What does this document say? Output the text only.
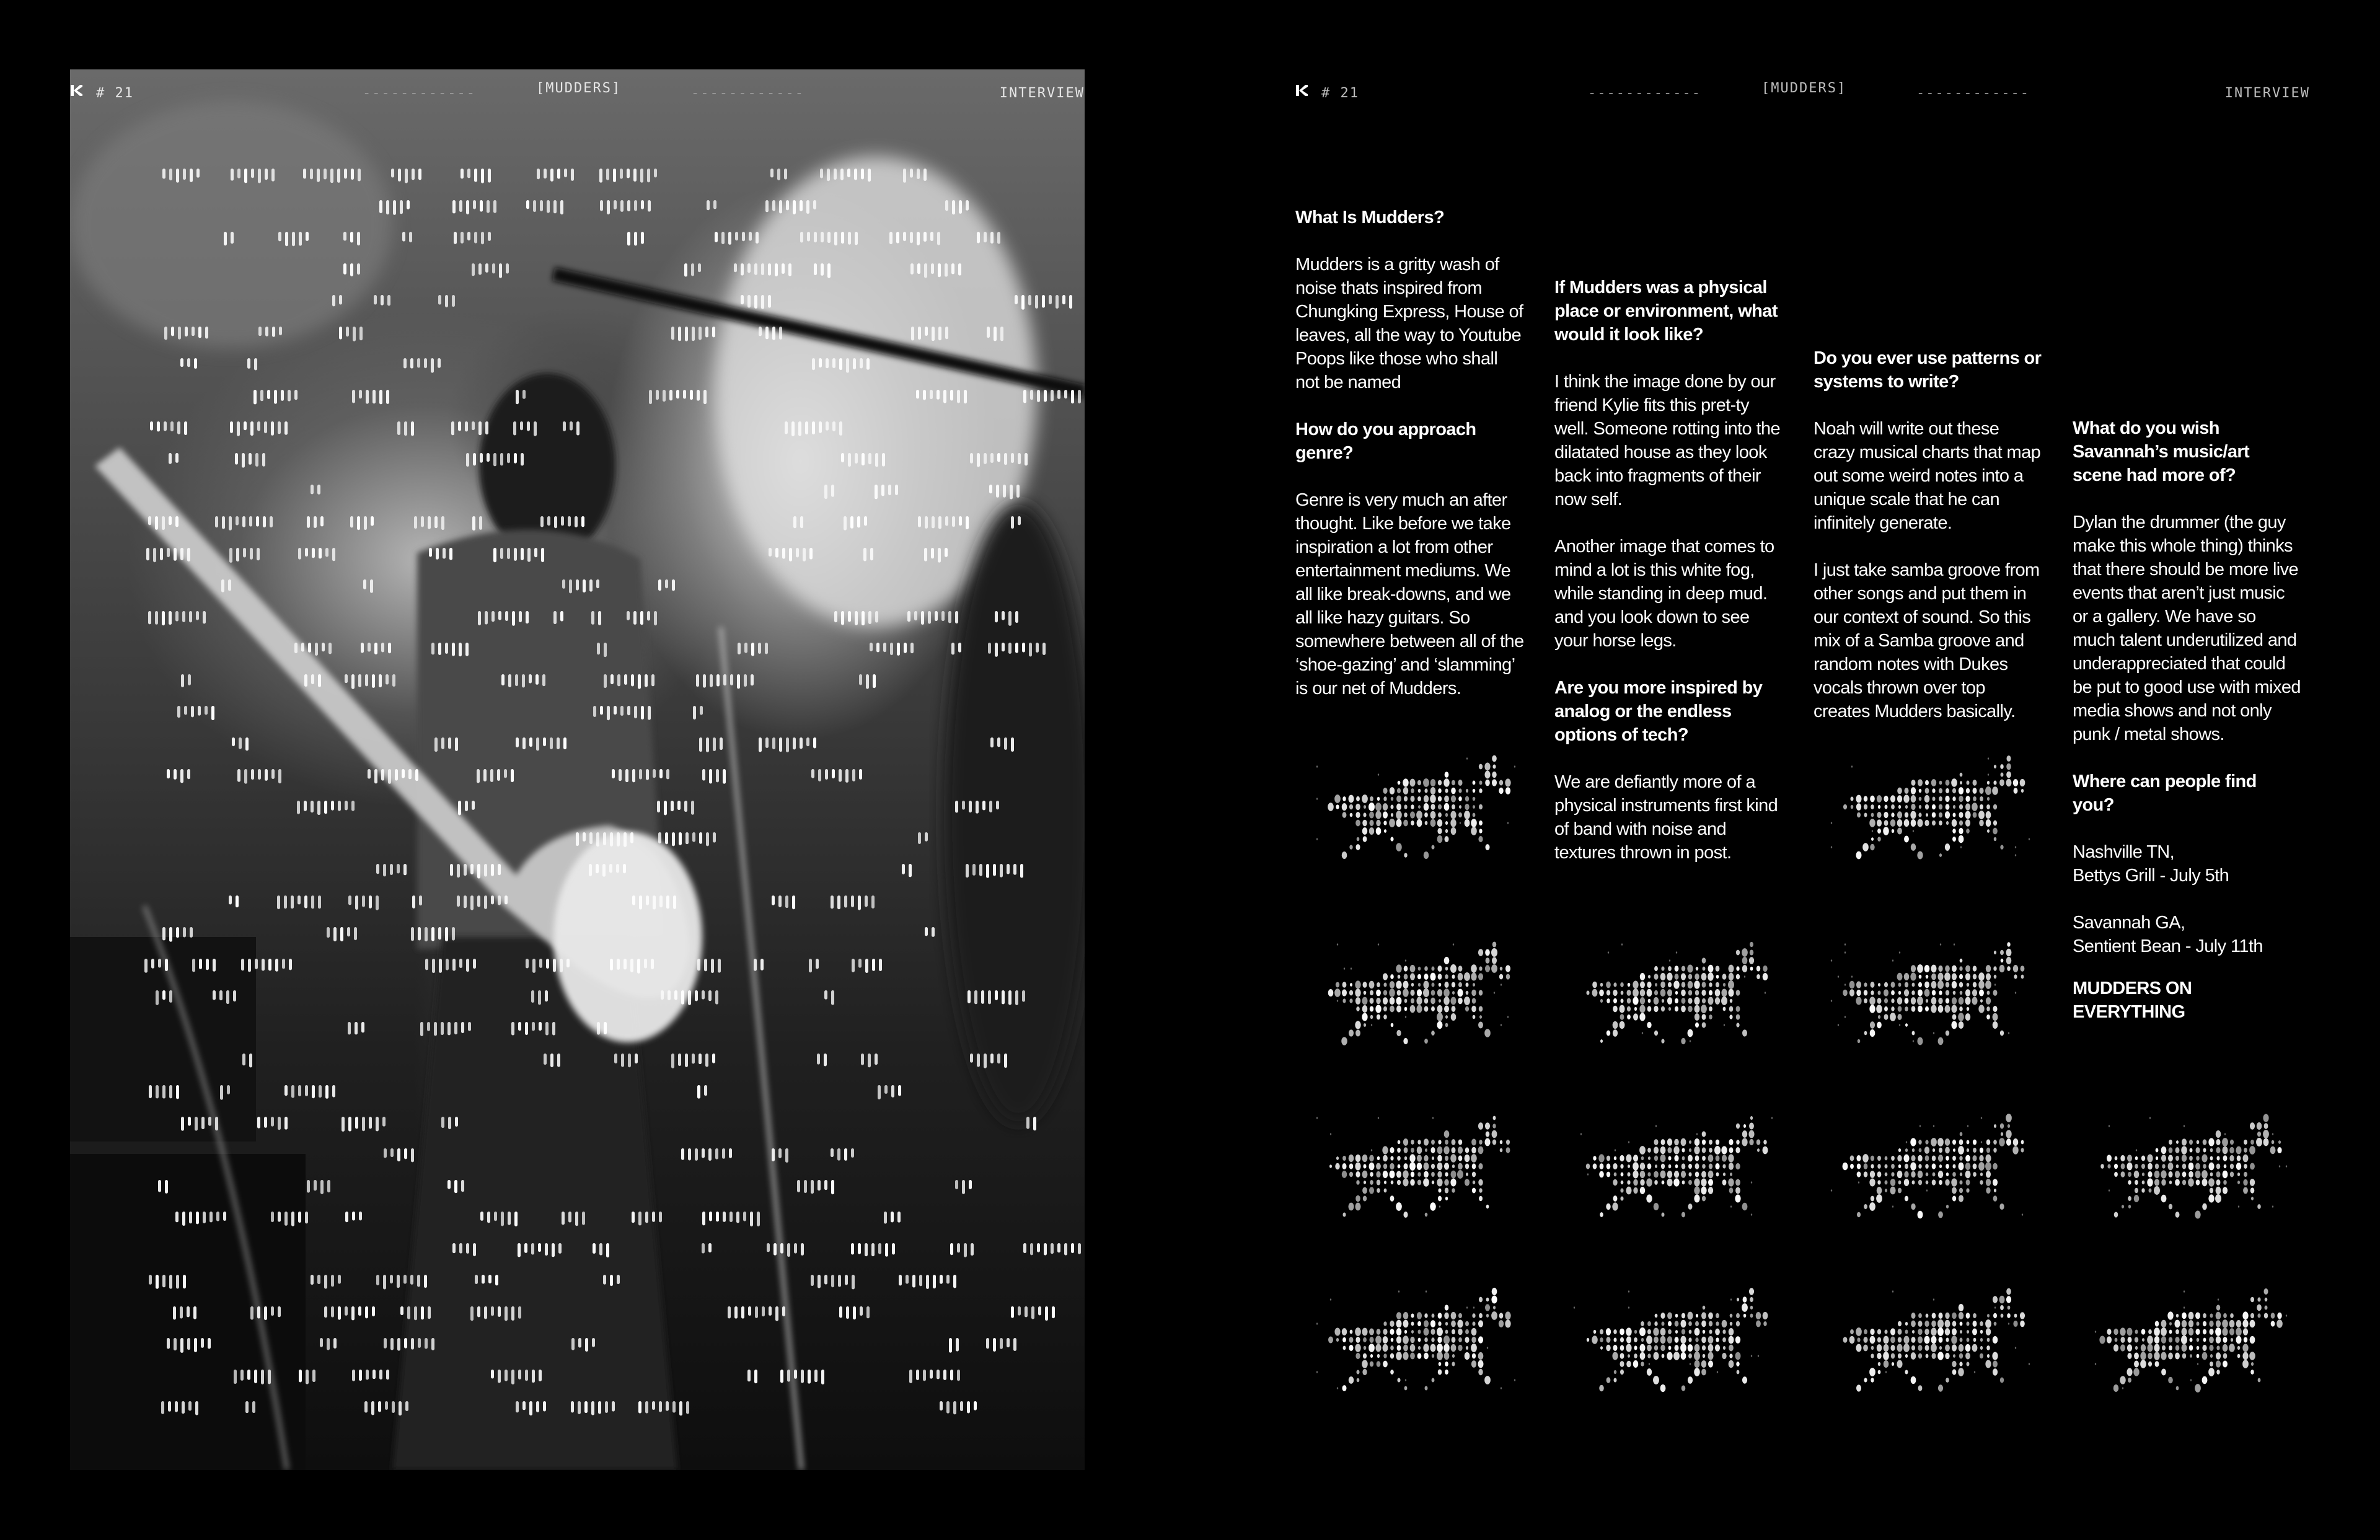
# 21	------------	[MUDDERS]	------------	INTERVIEW	# 21	------------	[MUDDERS]	------------	INTERVIEW
What Is Mudders?

Mudders is a gritty wash of noise thats inspired from Chungking Express, House of leaves, all the way to Youtube Poops like those who shall not be named

How do you approach genre?

Genre is very much an after thought. Like before we take inspiration a lot from other entertainment mediums. We all like break-downs, and we all like hazy guitars. So somewhere between all of the ‘shoe-gazing’ and ‘slamming’ is our net of Mudders.

If Mudders was a physical place or environment, what would it look like?

I think the image done by our friend Kylie fits this pret-ty well. Someone rotting into the dilatated house as they look back into fragments of their now self.

Another image that comes to mind a lot is this white fog, while standing in deep mud. and you look down to see your horse legs.

Are you more inspired by analog or the endless options of tech?

We are defiantly more of a physical instruments first kind of band with noise and textures thrown in post.

Do you ever use patterns or systems to write?

Noah will write out these crazy musical charts that map out some weird notes into a unique scale that he can infinitely generate.

I just take samba groove from other songs and put them in our context of sound. So this mix of a Samba groove and random notes with Dukes vocals thrown over top creates Mudders basically.

What do you wish Savannah’s music/art scene had more of?

Dylan the drummer (the guy make this whole thing) thinks that there should be more live events that aren’t just music or a gallery. We have so much talent underutilized and underappreciated that could be put to good use with mixed media shows and not only punk / metal shows.

Where can people find you?

Nashville TN,
Bettys Grill - July 5th

Savannah GA,
Sentient Bean - July 11th

MUDDERS ON EVERYTHING
